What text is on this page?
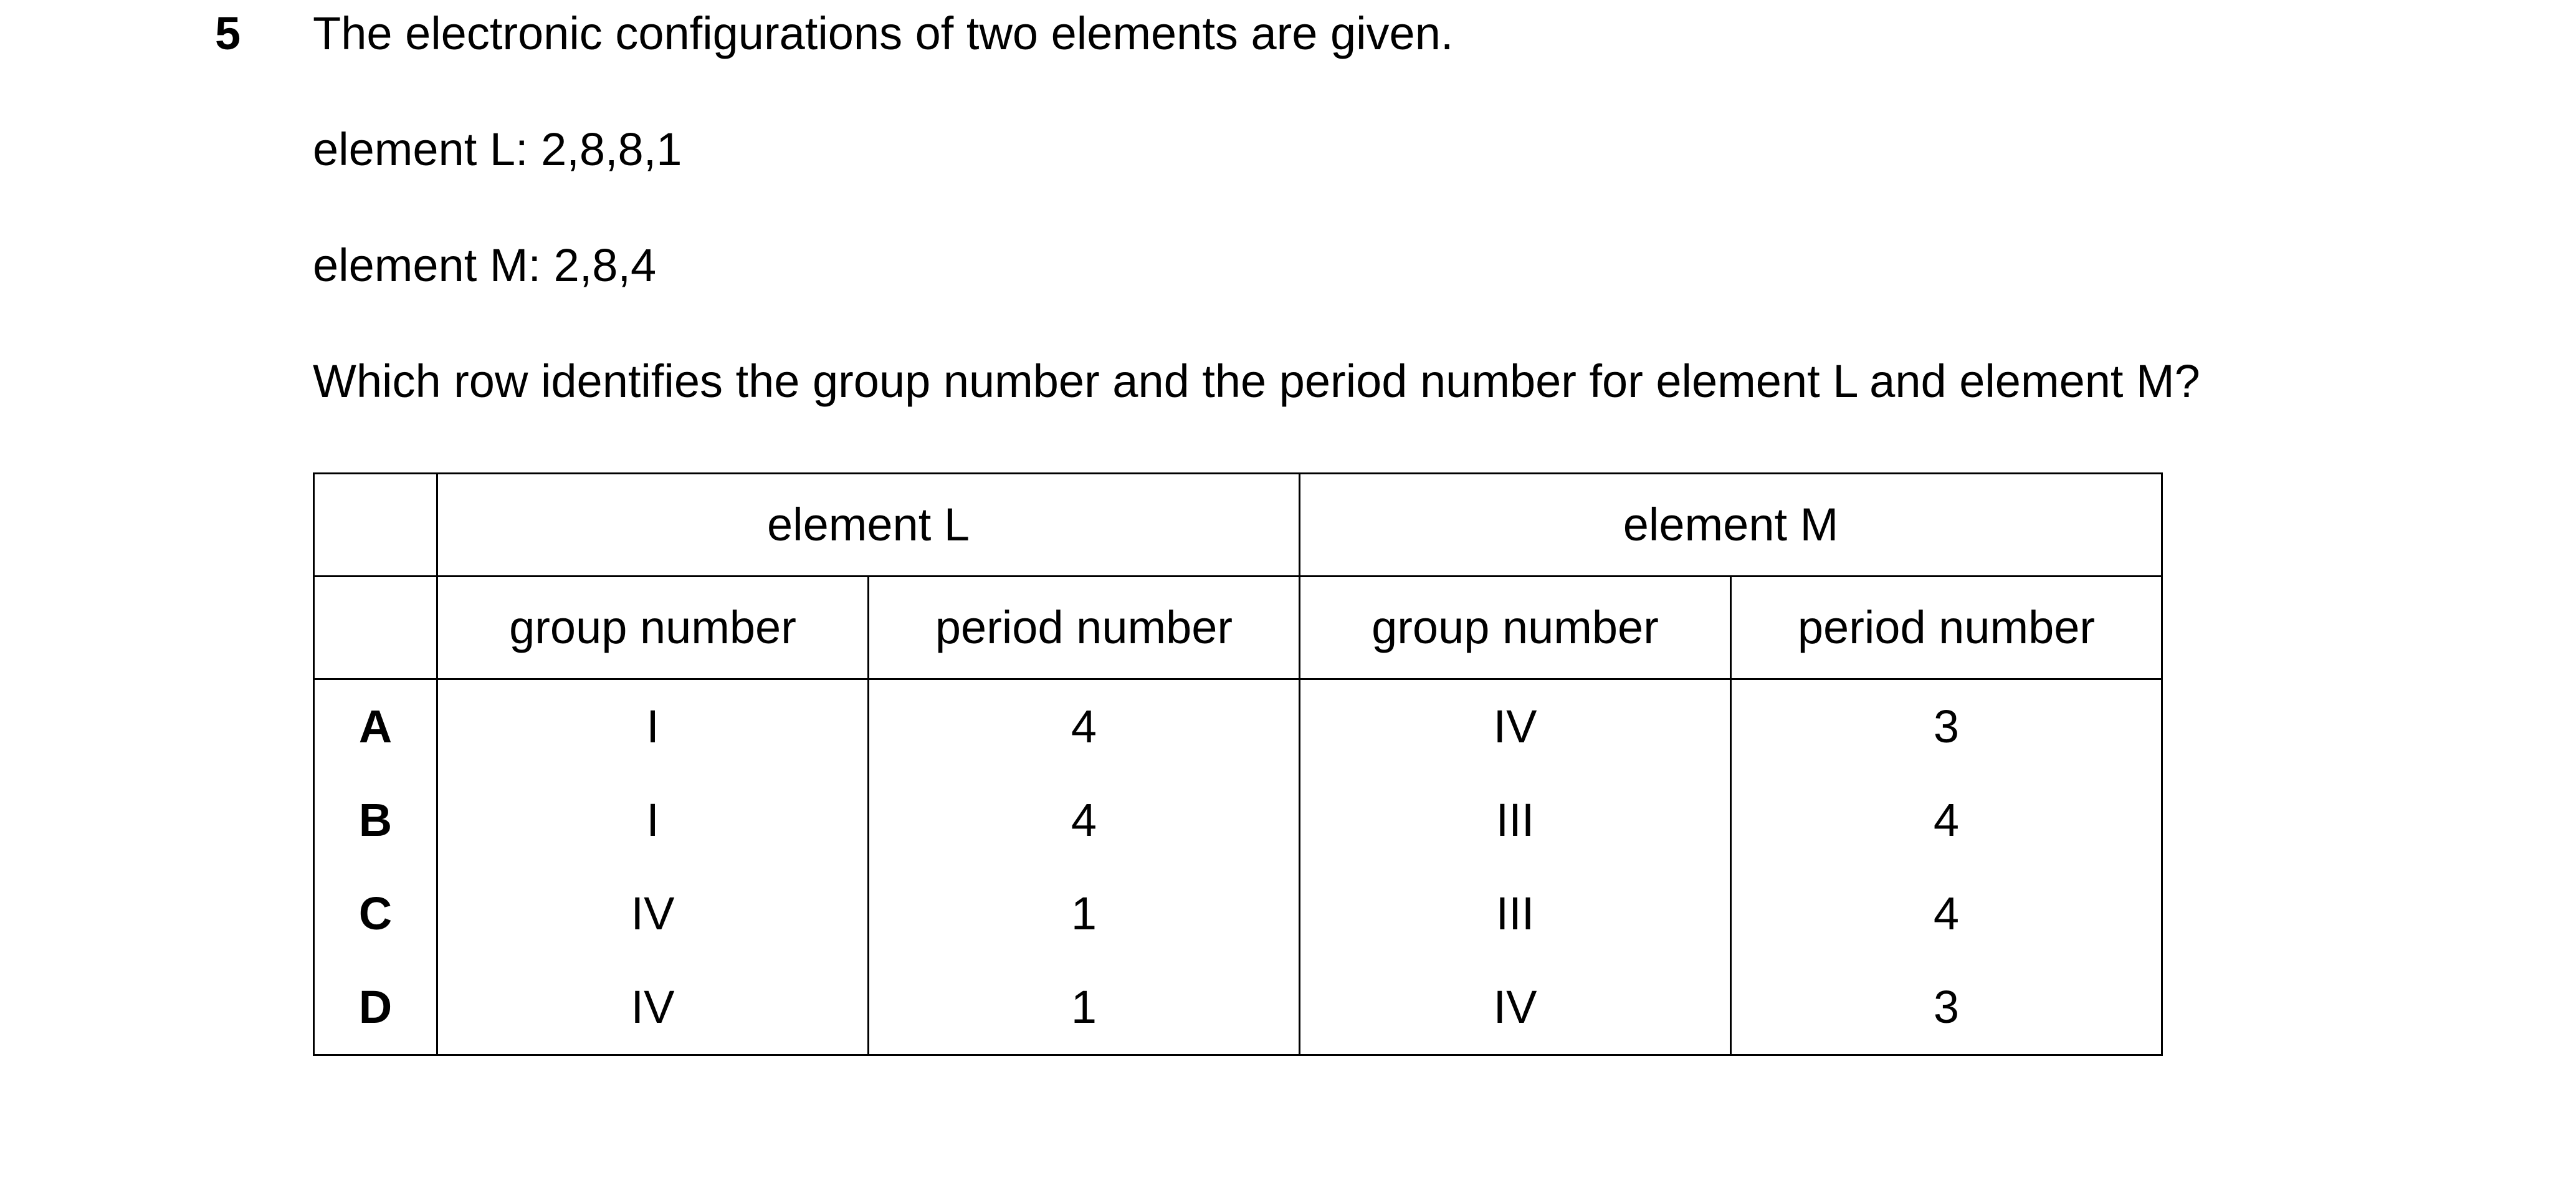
5 The electronic configurations of two elements are given.
element L: 2,8,8,1
element M: 2,8,4
Which row identifies the group number and the period number for element L and element M?
	element L		element M	
	group number	period number	group number	period number
A	I	4	IV	3
B	I	4	III	4
C	IV	1	III	4
D	IV	1	IV	3
